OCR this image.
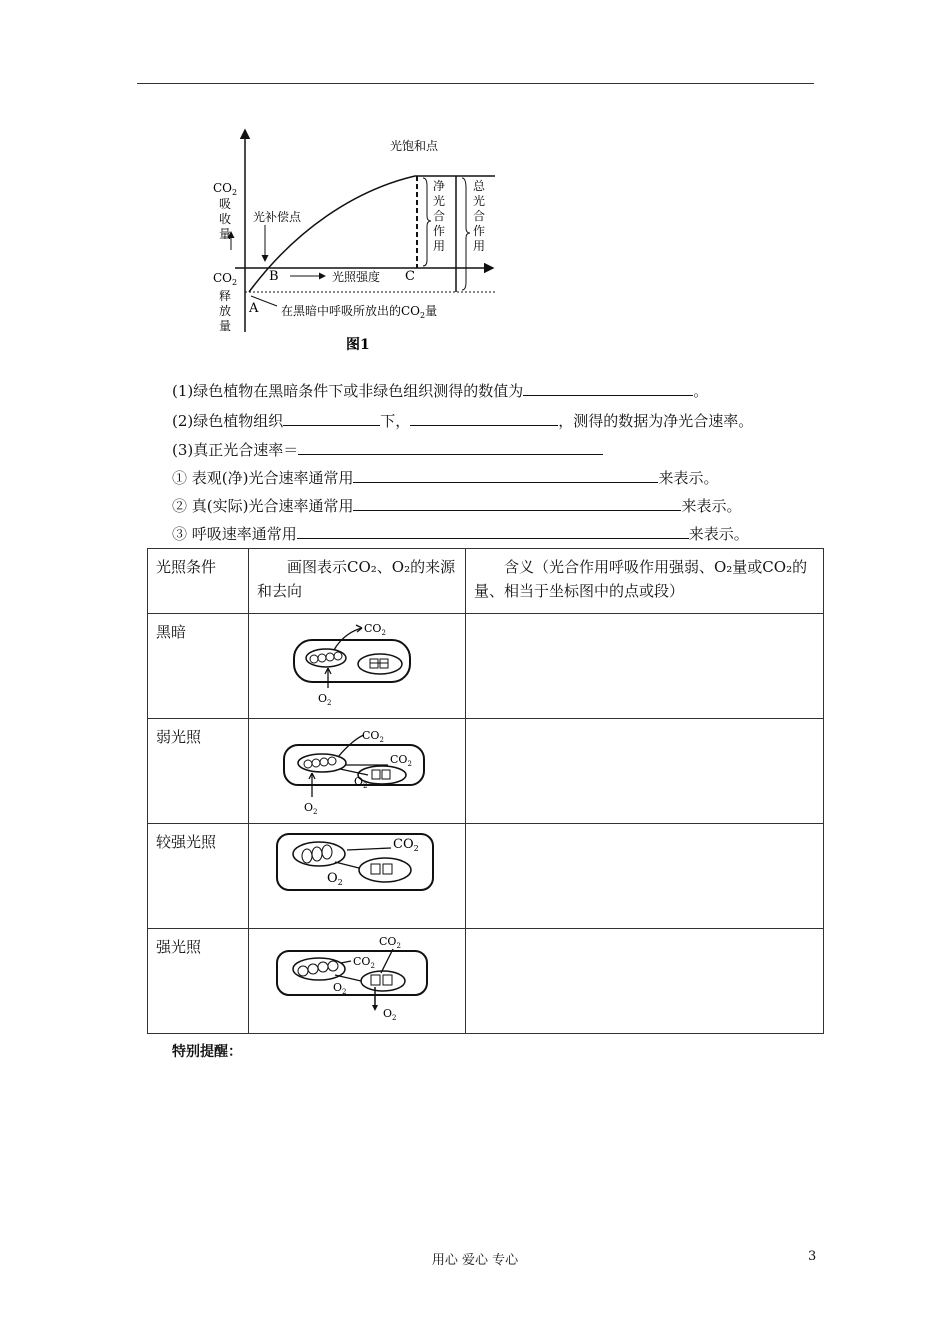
$CO_2$
吸
收
量
$CO_2$
释
放
量
光饱和点
光补偿点
A
B	C
光照强度
净
光
合
作
用
总
光
合
作
用
在黑暗中呼吸所放出的$CO_2$量
图1
(1)绿色植物在黑暗条件下或非绿色组织测得的数值为	。
(2)绿色植物组织	下，	，测得的数据为净光合速率。
(3)真正光合速率＝
① 表观(净)光合速率通常用	来表示。
② 真(实际)光合速率通常用	来表示。
③ 呼吸速率通常用	来表示。
光照条件	画图表示CO₂、O₂的来源和去向	含义（光合作用呼吸作用强弱、O₂量或CO₂的量、相当于坐标图中的点或段）
黑暗	$CO_2$
$O_2$

弱光照	$CO_2$
$CO_2$
$O_2$
$O_2$

较强光照	$CO_2$
$O_2$

强光照	$CO_2$
$CO_2$
$O_2$
$O_2$

特别提醒：
用心 爱心 专心	3
